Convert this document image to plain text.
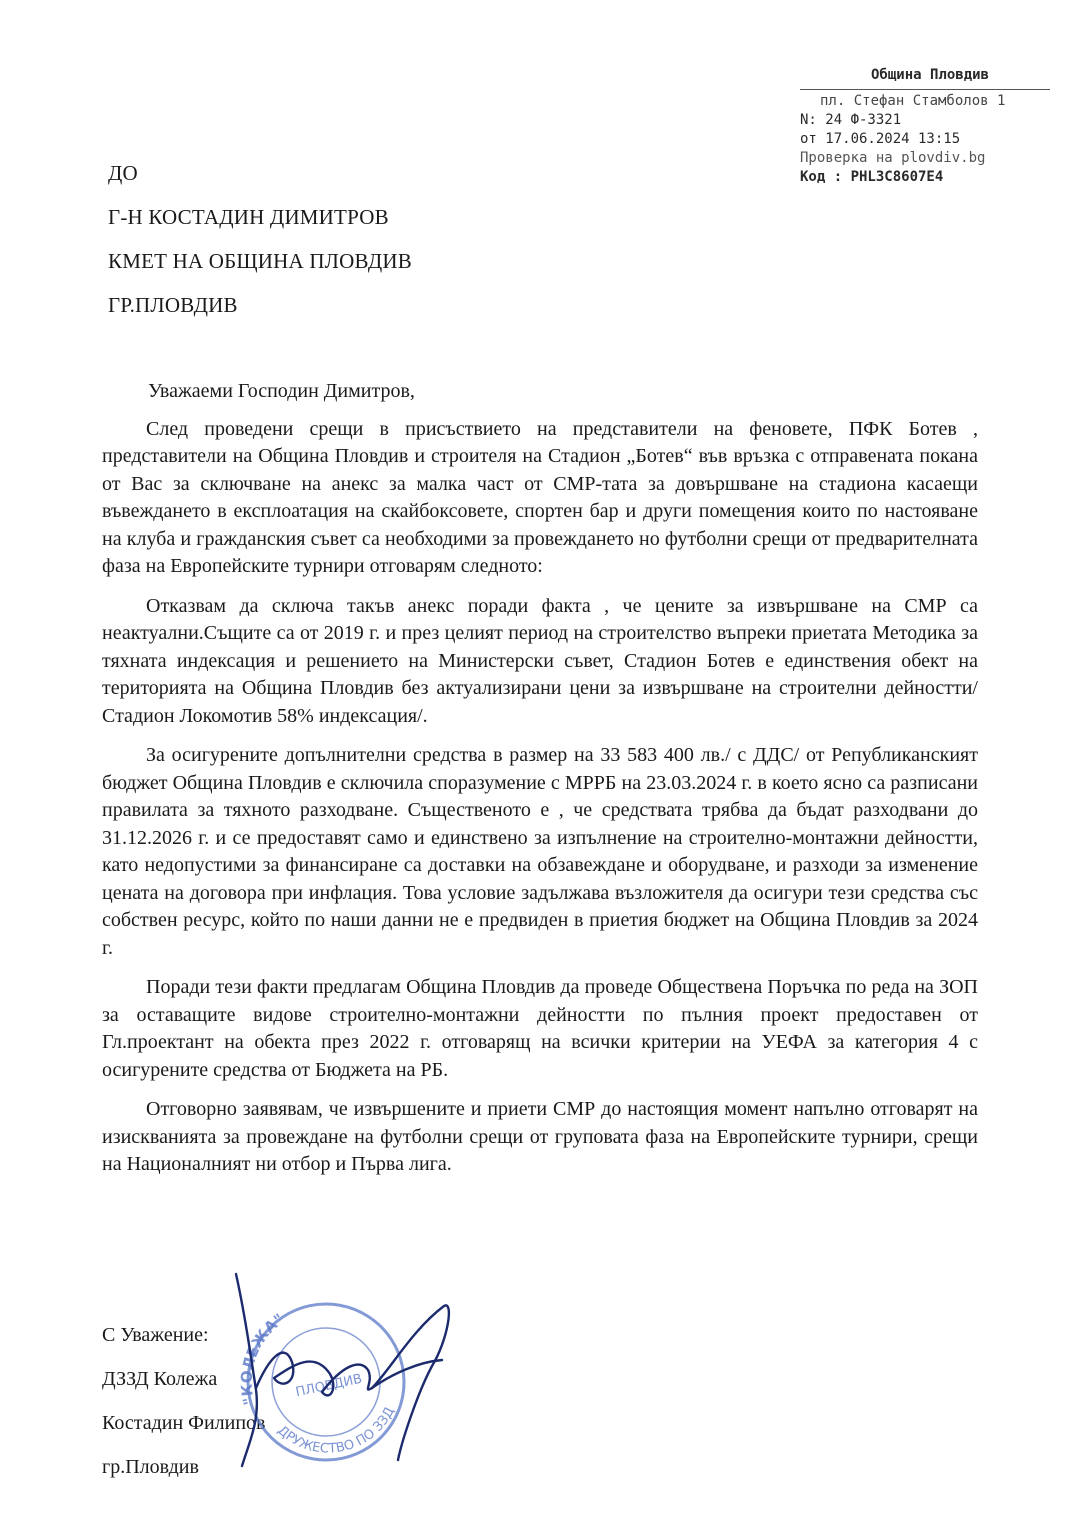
Община Пловдив
пл. Стефан Стамболов 1
N: 24 Ф-3321
от 17.06.2024 13:15
Проверка на plovdiv.bg
Код : PHL3C8607E4
ДО
Г-Н КОСТАДИН ДИМИТРОВ
КМЕТ НА ОБЩИНА ПЛОВДИВ
ГР.ПЛОВДИВ

Уважаеми Господин Димитров,

След проведени срещи в присъствието на представители на феновете, ПФК Ботев , представители на Община Пловдив и строителя на Стадион „Ботев“ във връзка с отправената покана от Вас за сключване на анекс за малка част от СМР-тата за довършване на стадиона касаещи въвеждането в експлоатация на скайбоксовете, спортен бар и други помещения които по настояване на клуба и гражданския съвет са необходими за провеждането но футболни срещи от предварителната фаза на Европейските турнири отговарям следното:

Отказвам да сключа такъв анекс поради факта , че цените за извършване на СМР са неактуални.Същите са от 2019 г. и през целият период на строителство въпреки приетата Методика за тяхната индексация и решението на Министерски съвет, Стадион Ботев е единствения обект на територията на Община Пловдив без актуализирани цени за извършване на строителни дейностти/ Стадион Локомотив 58% индексация/.

За осигурените допълнителни средства в размер на 33 583 400 лв./ с ДДС/ от Републиканският бюджет Община Пловдив е сключила споразумение с МРРБ на 23.03.2024 г. в което ясно са разписани правилата за тяхното разходване. Същественото е , че средствата трябва да бъдат разходвани до 31.12.2026 г. и се предоставят само и единствено за изпълнение на строително-монтажни дейностти, като недопустими за финансиране са доставки на обзавеждане и оборудване, и разходи за изменение цената на договора при инфлация. Това условие задължава възложителя да осигури тези средства със собствен ресурс, който по наши данни не е предвиден в приетия бюджет на Община Пловдив за 2024 г.

Поради тези факти предлагам Община Пловдив да проведе Обществена Поръчка по реда на ЗОП за оставащите видове строително-монтажни дейностти по пълния проект предоставен от Гл.проектант на обекта през 2022 г. отговарящ на всички критерии на УЕФА за категория 4 с осигурените средства от Бюджета на РБ.

Отговорно заявявам, че извършените и приети СМР до настоящия момент напълно отговарят на изискванията за провеждане на футболни срещи от груповата фаза на Европейските турнири, срещи на Националният ни отбор и Първа лига.

С Уважение:
ДЗЗД Колежа
Костадин Филипов
гр.Пловдив
"КОЛЕЖА"
ПЛОВДИВ
ДРУЖЕСТВО ПО ЗЗД
